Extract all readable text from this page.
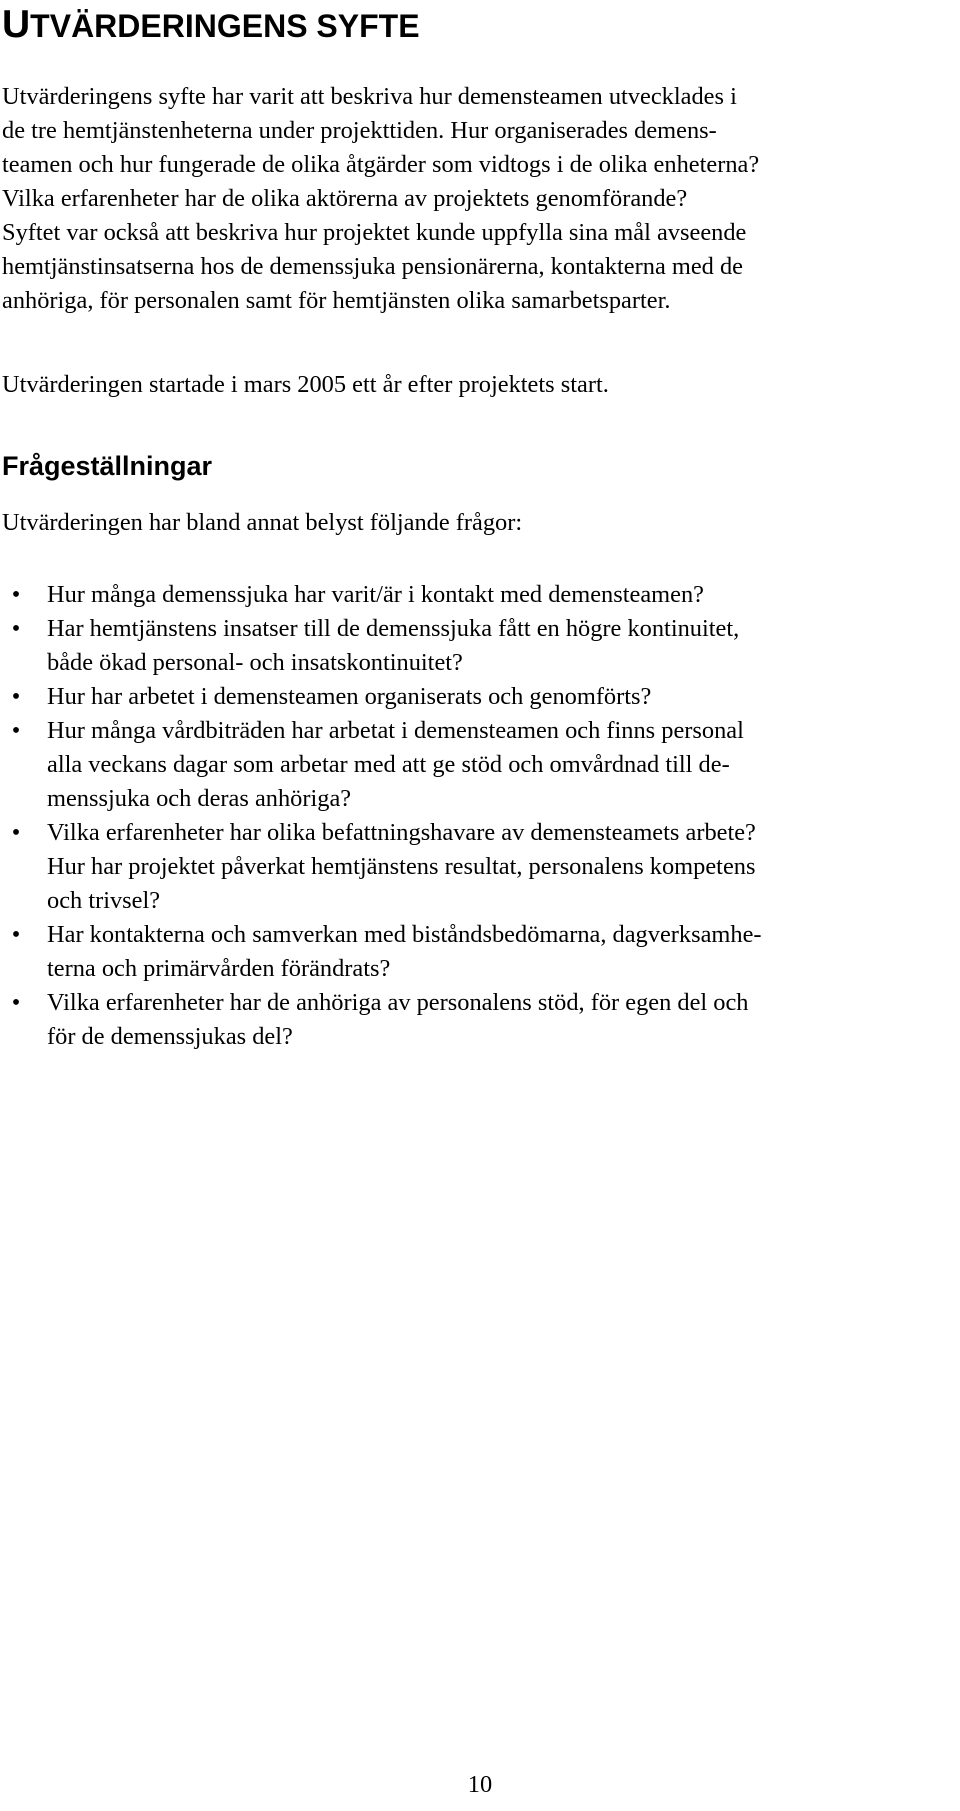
UTVÄRDERINGENS SYFTE

Utvärderingens syfte har varit att beskriva hur demensteamen utvecklades i
de tre hemtjänstenheterna under projekttiden. Hur organiserades demens-
teamen och hur fungerade de olika åtgärder som vidtogs i de olika enheterna?
Vilka erfarenheter har de olika aktörerna av projektets genomförande?
Syftet var också att beskriva hur projektet kunde uppfylla sina mål avseende
hemtjänstinsatserna hos de demenssjuka pensionärerna, kontakterna med de
anhöriga, för personalen samt för hemtjänsten olika samarbetsparter.

Utvärderingen startade i mars 2005 ett år efter projektets start.

Frågeställningar

Utvärderingen har bland annat belyst följande frågor:

• Hur många demenssjuka har varit/är i kontakt med demensteamen?
• Har hemtjänstens insatser till de demenssjuka fått en högre kontinuitet,
både ökad personal- och insatskontinuitet?
• Hur har arbetet i demensteamen organiserats och genomförts?
• Hur många vårdbiträden har arbetat i demensteamen och finns personal
alla veckans dagar som arbetar med att ge stöd och omvårdnad till de-
menssjuka och deras anhöriga?
• Vilka erfarenheter har olika befattningshavare av demensteamets arbete?
Hur har projektet påverkat hemtjänstens resultat, personalens kompetens
och trivsel?
• Har kontakterna och samverkan med biståndsbedömarna, dagverksamhe-
terna och primärvården förändrats?
• Vilka erfarenheter har de anhöriga av personalens stöd, för egen del och
för de demenssjukas del?

10
